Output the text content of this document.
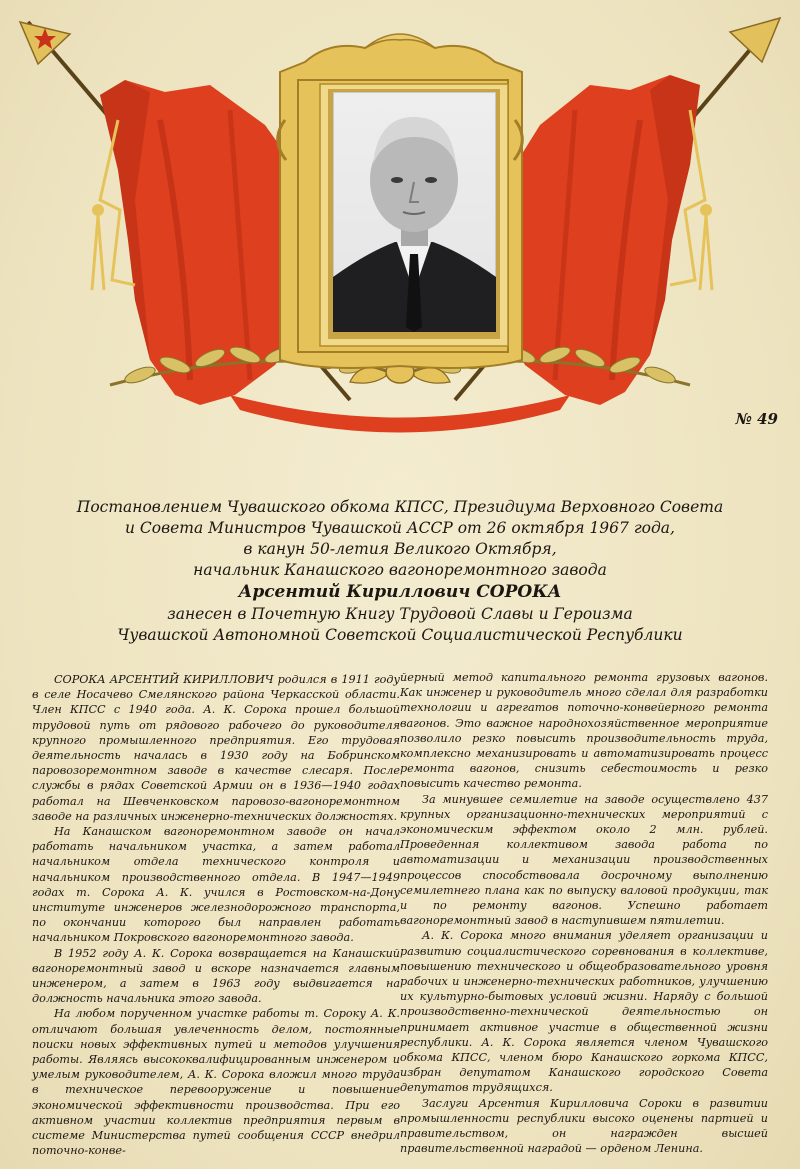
№ 49
Постановлением Чувашского обкома КПСС, Президиума Верховного Совета
и Совета Министров Чувашской АССР от 26 октября 1967 года,
в канун 50-летия Великого Октября,
начальник Канашского вагоноремонтного завода
Арсентий Кириллович СОРОКА
занесен в Почетную Книгу Трудовой Славы и Героизма
Чувашской Автономной Советской Социалистической Республики

СОРОКА АРСЕНТИЙ КИРИЛЛОВИЧ родился в 1911 году в селе Носачево Смелянского района Черкасской области. Член КПСС с 1940 года. А. К. Сорока прошел большой трудовой путь от рядового рабочего до руководителя крупного промышленного предприятия. Его трудовая деятельность началась в 1930 году на Бобринском паровозоремонтном заводе в качестве слесаря. После службы в рядах Советской Армии он в 1936—1940 годах работал на Шевченковском паровозо-вагоноремонтном заводе на различных инженерно-технических должностях.

На Канашском вагоноремонтном заводе он начал работать начальником участка, а затем работал начальником отдела технического контроля и начальником производственного отдела. В 1947—1949 годах т. Сорока А. К. учился в Ростовском-на-Дону институте инженеров железнодорожного транспорта, по окончании которого был направлен работать начальником Покровского вагоноремонтного завода.

В 1952 году А. К. Сорока возвращается на Канашский вагоноремонтный завод и вскоре назначается главным инженером, а затем в 1963 году выдвигается на должность начальника этого завода.

На любом порученном участке работы т. Сороку А. К. отличают большая увлеченность делом, постоянные поиски новых эффективных путей и методов улучшения работы. Являясь высококвалифицированным инженером и умелым руководителем, А. К. Сорока вложил много труда в техническое перевооружение и повышение экономической эффективности производства. При его активном участии коллектив предприятия первым в системе Министерства путей сообщения СССР внедрил поточно-конве-

йерный метод капитального ремонта грузовых вагонов. Как инженер и руководитель много сделал для разработки технологии и агрегатов поточно-конвейерного ремонта вагонов. Это важное народнохозяйственное мероприятие позволило резко повысить производительность труда, комплексно механизировать и автоматизировать процесс ремонта вагонов, снизить себестоимость и резко повысить качество ремонта.

За минувшее семилетие на заводе осуществлено 437 крупных организационно-технических мероприятий с экономическим эффектом около 2 млн. рублей. Проведенная коллективом завода работа по автоматизации и механизации производственных процессов способствовала досрочному выполнению семилетнего плана как по выпуску валовой продукции, так и по ремонту вагонов. Успешно работает вагоноремонтный завод в наступившем пятилетии.

А. К. Сорока много внимания уделяет организации и развитию социалистического соревнования в коллективе, повышению технического и общеобразовательного уровня рабочих и инженерно-технических работников, улучшению их культурно-бытовых условий жизни. Наряду с большой производственно-технической деятельностью он принимает активное участие в общественной жизни республики. А. К. Сорока является членом Чувашского обкома КПСС, членом бюро Канашского горкома КПСС, избран депутатом Канашского городского Совета депутатов трудящихся.

Заслуги Арсентия Кирилловича Сороки в развитии промышленности республики высоко оценены партией и правительством, он награжден высшей правительственной наградой — орденом Ленина.
